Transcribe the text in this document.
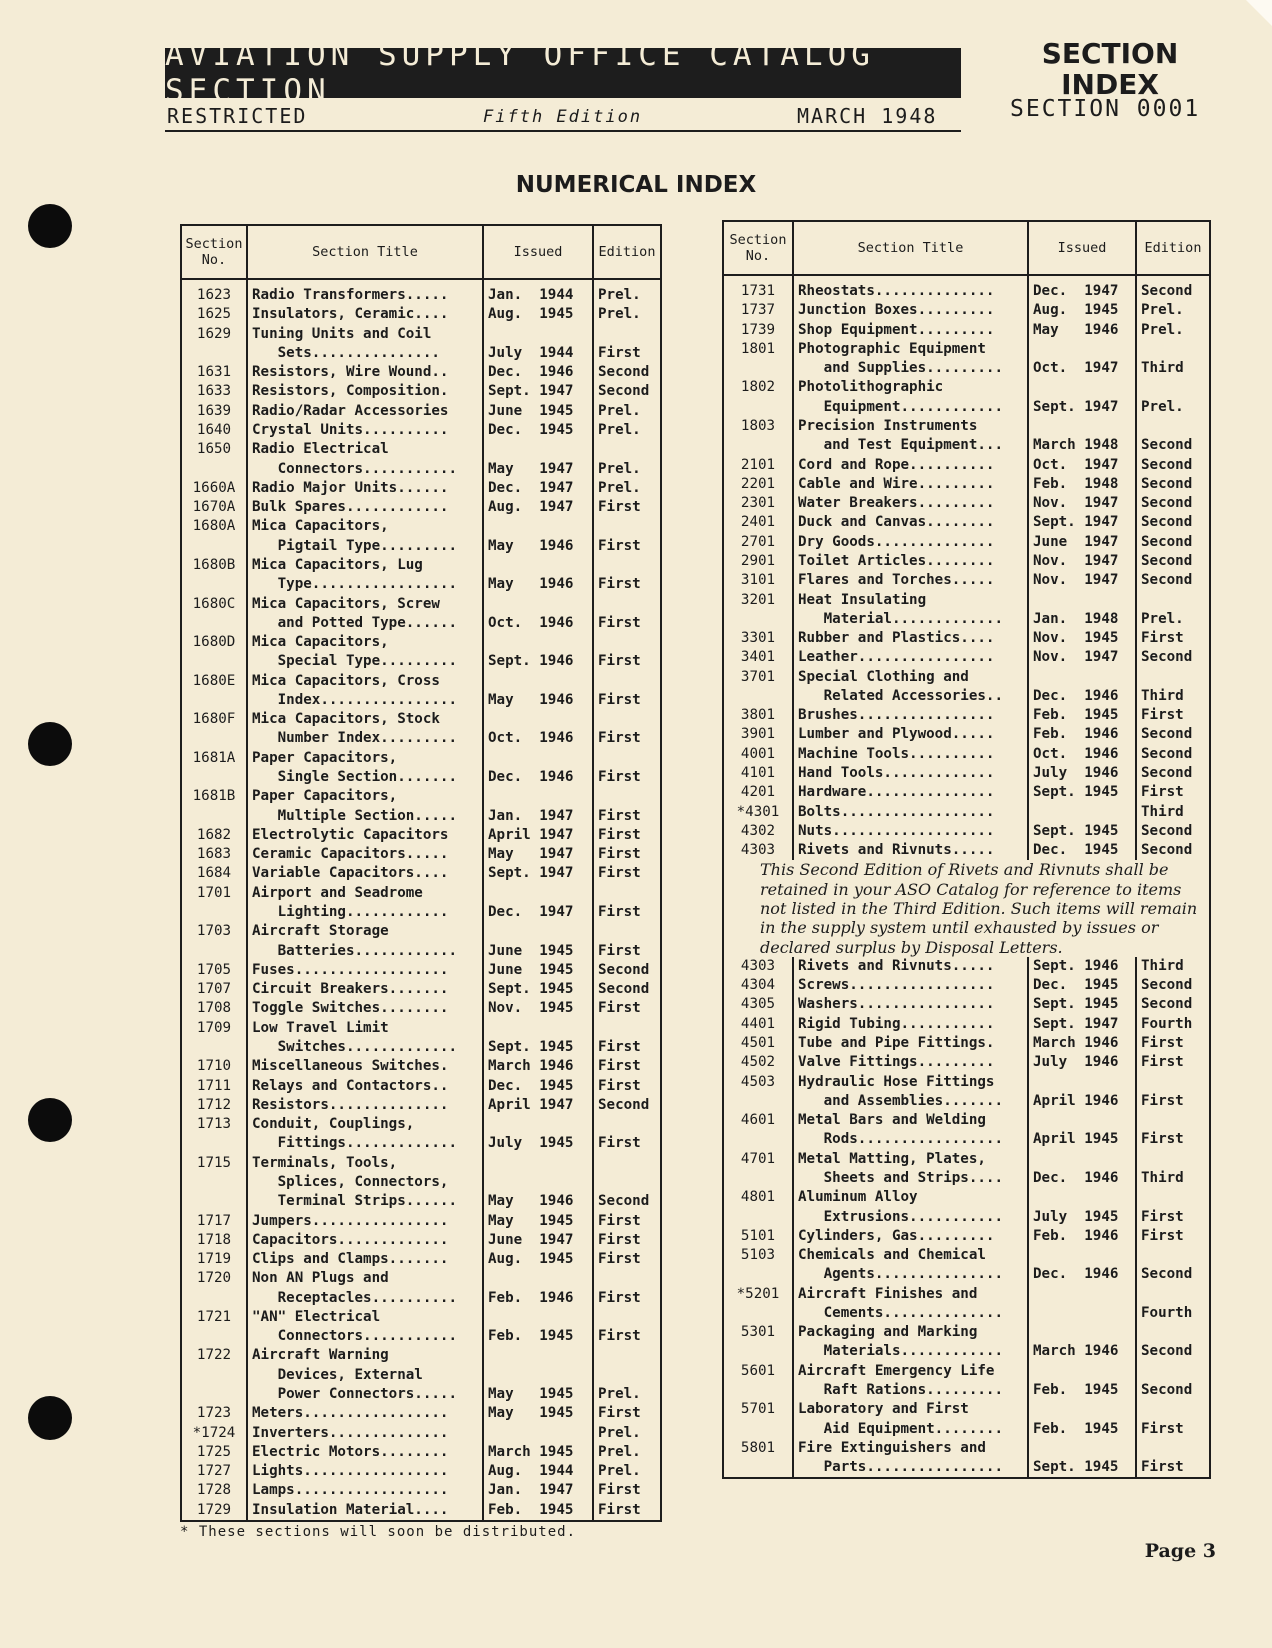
AVIATION SUPPLY OFFICE CATALOG SECTION
RESTRICTED	Fifth Edition	MARCH 1948
SECTION INDEX
SECTION 0001
NUMERICAL INDEX
Section No.	Section Title	Issued	Edition
1623	Radio Transformers.....	Jan.  1944	Prel.
1625	Insulators, Ceramic....	Aug.  1945	Prel.
1629	Tuning Units and Coil
Sets...............	July  1944	First
1631	Resistors, Wire Wound..	Dec.  1946	Second
1633	Resistors, Composition.	Sept. 1947	Second
1639	Radio/Radar Accessories	June  1945	Prel.
1640	Crystal Units..........	Dec.  1945	Prel.
1650	Radio Electrical
Connectors...........	May   1947	Prel.
1660A	Radio Major Units......	Dec.  1947	Prel.
1670A	Bulk Spares............	Aug.  1947	First
1680A	Mica Capacitors,
Pigtail Type.........	May   1946	First
1680B	Mica Capacitors, Lug
Type.................	May   1946	First
1680C	Mica Capacitors, Screw
and Potted Type......	Oct.  1946	First
1680D	Mica Capacitors,
Special Type.........	Sept. 1946	First
1680E	Mica Capacitors, Cross
Index................	May   1946	First
1680F	Mica Capacitors, Stock
Number Index.........	Oct.  1946	First
1681A	Paper Capacitors,
Single Section.......	Dec.  1946	First
1681B	Paper Capacitors,
Multiple Section.....	Jan.  1947	First
1682	Electrolytic Capacitors	April 1947	First
1683	Ceramic Capacitors.....	May   1947	First
1684	Variable Capacitors....	Sept. 1947	First
1701	Airport and Seadrome
Lighting............	Dec.  1947	First
1703	Aircraft Storage
Batteries............	June  1945	First
1705	Fuses..................	June  1945	Second
1707	Circuit Breakers.......	Sept. 1945	Second
1708	Toggle Switches........	Nov.  1945	First
1709	Low Travel Limit
Switches.............	Sept. 1945	First
1710	Miscellaneous Switches.	March 1946	First
1711	Relays and Contactors..	Dec.  1945	First
1712	Resistors..............	April 1947	Second
1713	Conduit, Couplings,
Fittings.............	July  1945	First
1715	Terminals, Tools,
Splices, Connectors,
Terminal Strips......	May   1946	Second
1717	Jumpers................	May   1945	First
1718	Capacitors.............	June  1947	First
1719	Clips and Clamps.......	Aug.  1945	First
1720	Non AN Plugs and
Receptacles..........	Feb.  1946	First
1721	"AN" Electrical
Connectors...........	Feb.  1945	First
1722	Aircraft Warning
Devices, External
Power Connectors.....	May   1945	Prel.
1723	Meters.................	May   1945	First
*1724	Inverters..............		Prel.
1725	Electric Motors........	March 1945	Prel.
1727	Lights.................	Aug.  1944	Prel.
1728	Lamps..................	Jan.  1947	First
1729	Insulation Material....	Feb.  1945	First
Section No.	Section Title	Issued	Edition
1731	Rheostats..............	Dec.  1947	Second
1737	Junction Boxes.........	Aug.  1945	Prel.
1739	Shop Equipment.........	May   1946	Prel.
1801	Photographic Equipment
and Supplies.........	Oct.  1947	Third
1802	Photolithographic
Equipment............	Sept. 1947	Prel.
1803	Precision Instruments
and Test Equipment...	March 1948	Second
2101	Cord and Rope..........	Oct.  1947	Second
2201	Cable and Wire.........	Feb.  1948	Second
2301	Water Breakers.........	Nov.  1947	Second
2401	Duck and Canvas........	Sept. 1947	Second
2701	Dry Goods..............	June  1947	Second
2901	Toilet Articles........	Nov.  1947	Second
3101	Flares and Torches.....	Nov.  1947	Second
3201	Heat Insulating
Material.............	Jan.  1948	Prel.
3301	Rubber and Plastics....	Nov.  1945	First
3401	Leather................	Nov.  1947	Second
3701	Special Clothing and
Related Accessories..	Dec.  1946	Third
3801	Brushes................	Feb.  1945	First
3901	Lumber and Plywood.....	Feb.  1946	Second
4001	Machine Tools..........	Oct.  1946	Second
4101	Hand Tools.............	July  1946	Second
4201	Hardware...............	Sept. 1945	First
*4301	Bolts..................		Third
4302	Nuts...................	Sept. 1945	Second
4303	Rivets and Rivnuts.....	Dec.  1945	Second
This Second Edition of Rivets and Rivnuts shall be retained in your ASO Catalog for reference to items not listed in the Third Edition. Such items will remain in the supply system until exhausted by issues or declared surplus by Disposal Letters.			
4303	Rivets and Rivnuts.....	Sept. 1946	Third
4304	Screws.................	Dec.  1945	Second
4305	Washers................	Sept. 1945	Second
4401	Rigid Tubing...........	Sept. 1947	Fourth
4501	Tube and Pipe Fittings.	March 1946	First
4502	Valve Fittings.........	July  1946	First
4503	Hydraulic Hose Fittings
and Assemblies.......	April 1946	First
4601	Metal Bars and Welding
Rods.................	April 1945	First
4701	Metal Matting, Plates,
Sheets and Strips....	Dec.  1946	Third
4801	Aluminum Alloy
Extrusions...........	July  1945	First
5101	Cylinders, Gas.........	Feb.  1946	First
5103	Chemicals and Chemical
Agents...............	Dec.  1946	Second
*5201	Aircraft Finishes and
Cements..............		Fourth
5301	Packaging and Marking
Materials............	March 1946	Second
5601	Aircraft Emergency Life
Raft Rations.........	Feb.  1945	Second
5701	Laboratory and First
Aid Equipment........	Feb.  1945	First
5801	Fire Extinguishers and
Parts................	Sept. 1945	First
* These sections will soon be distributed.
Page 3
